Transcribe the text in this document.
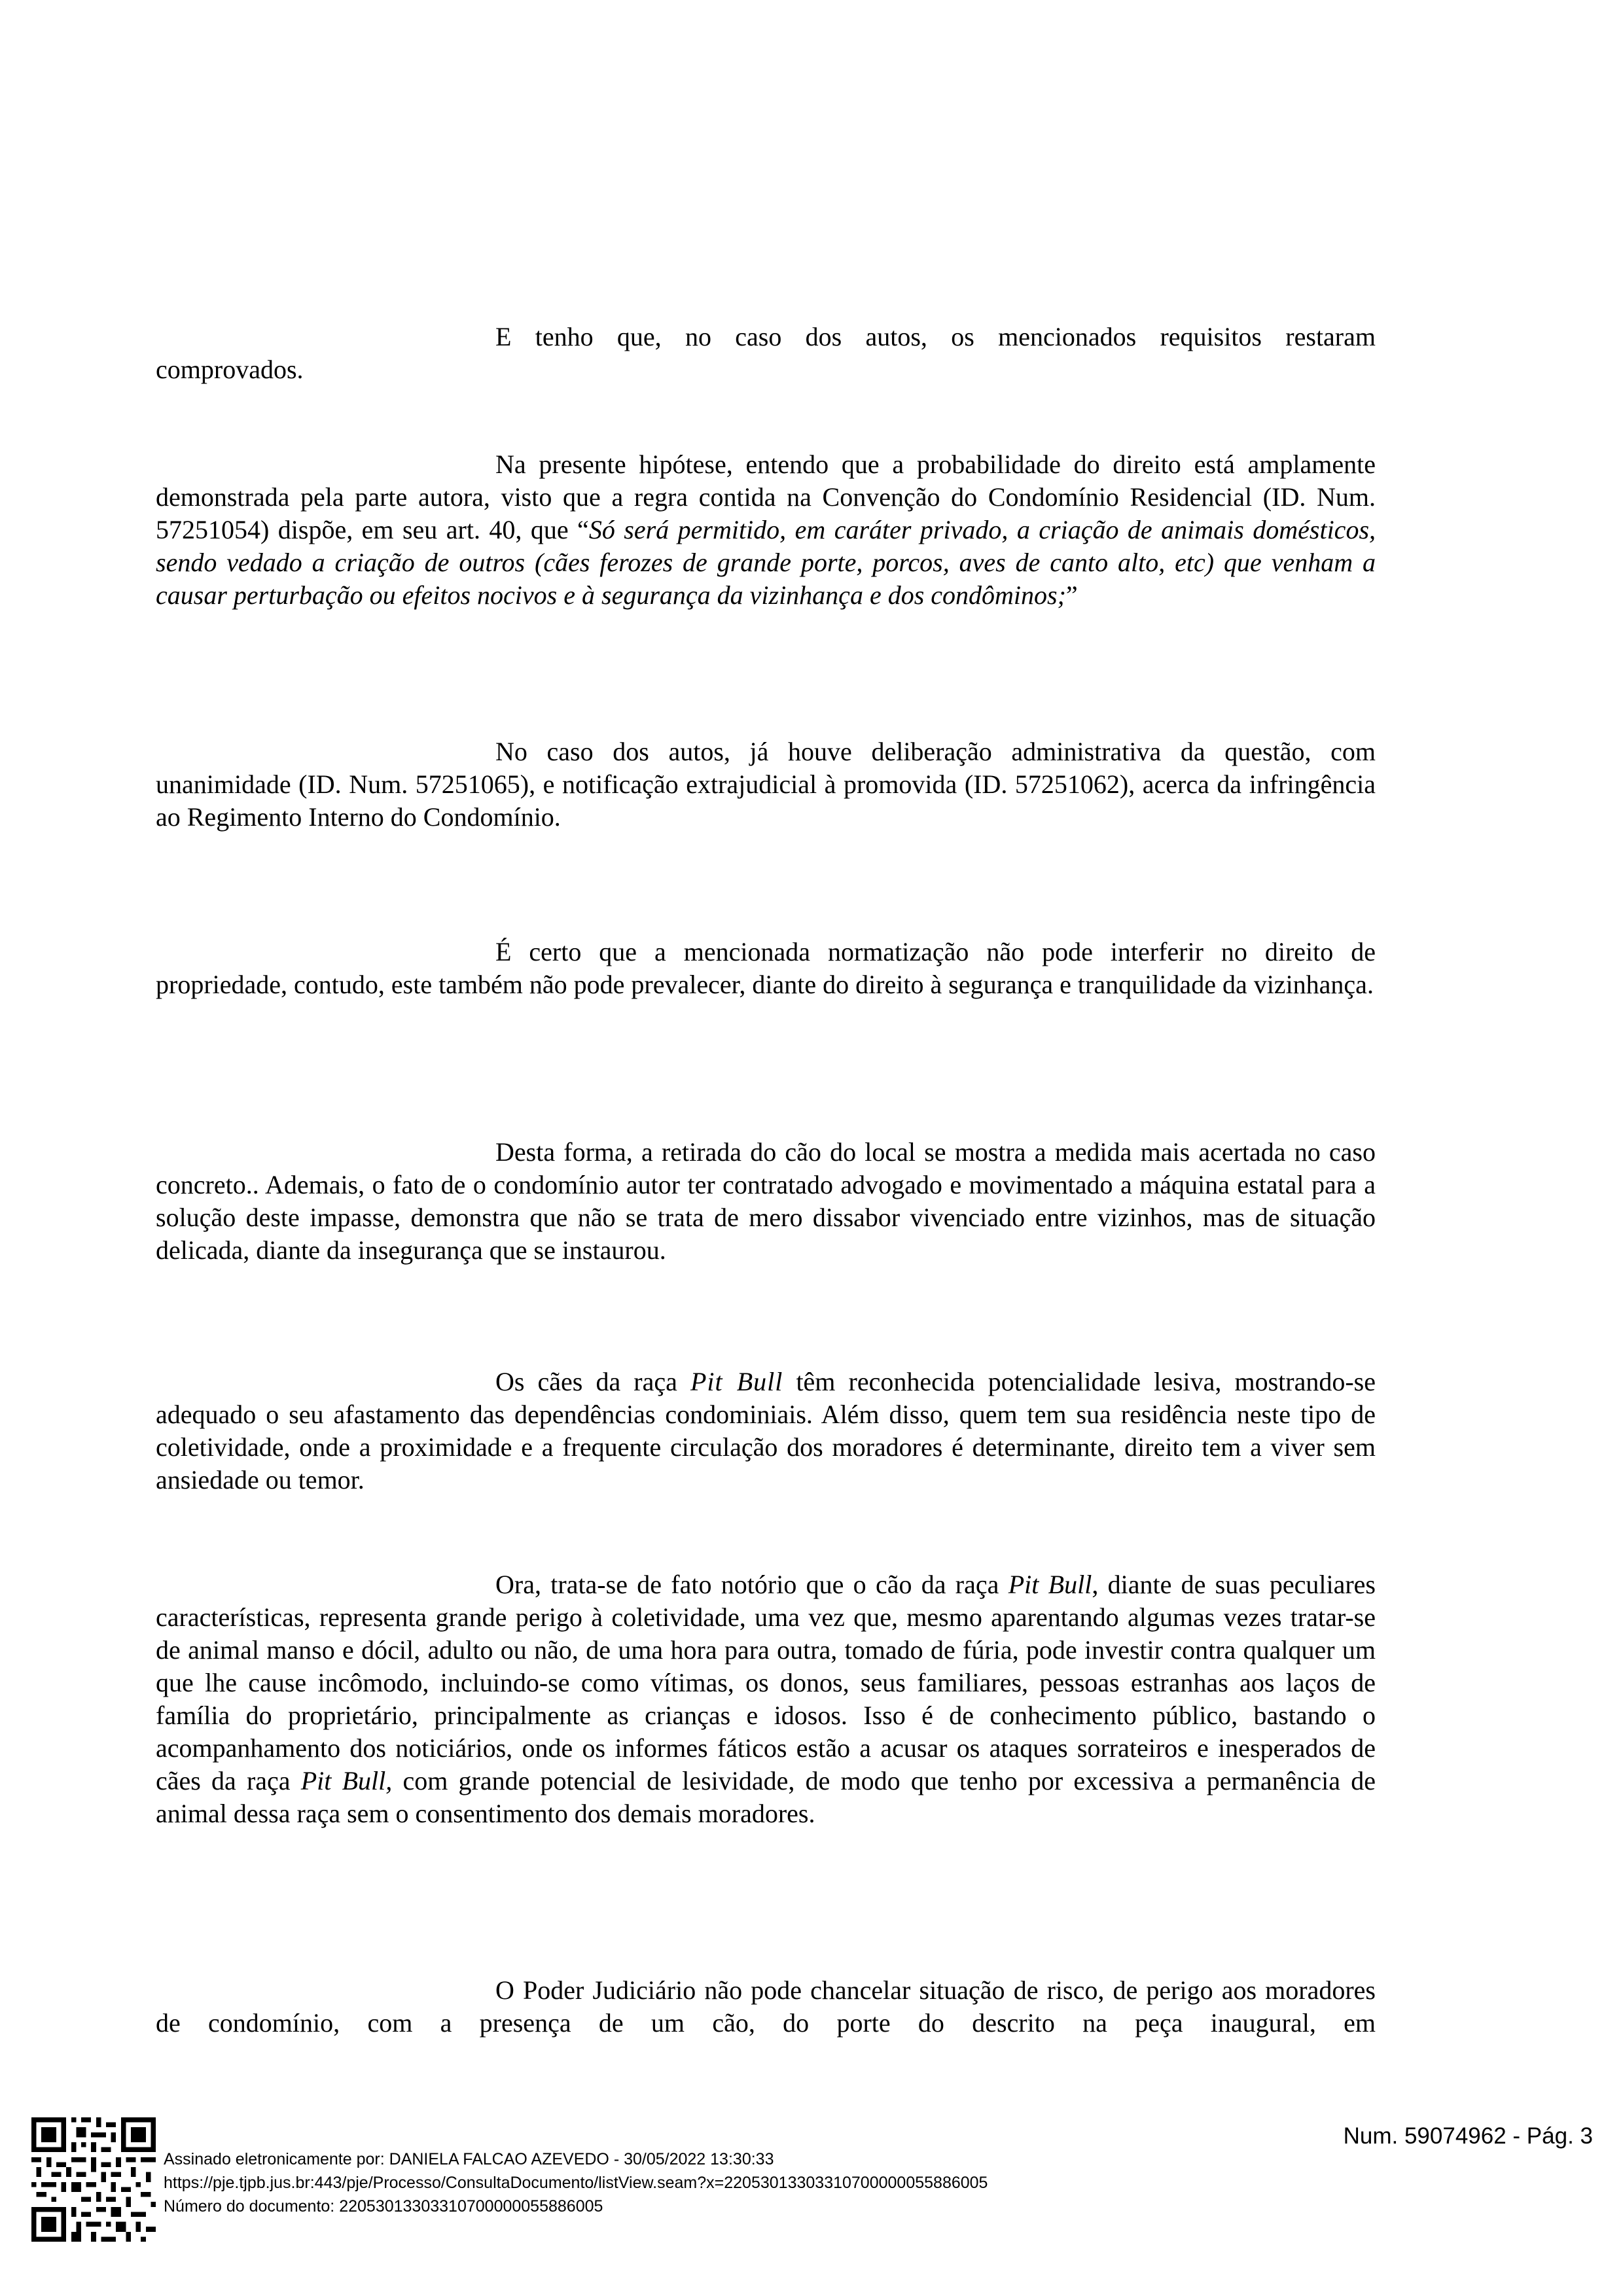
E tenho que, no caso dos autos, os mencionados requisitos restaram

comprovados.

Na presente hipótese, entendo que a probabilidade do direito está amplamente demonstrada pela parte autora, visto que a regra contida na Convenção do Condomínio Residencial (ID. Num. 57251054) dispõe, em seu art. 40, que “Só será permitido, em caráter privado, a criação de animais domésticos, sendo vedado a criação de outros (cães ferozes de grande porte, porcos, aves de canto alto, etc) que venham a causar perturbação ou efeitos nocivos e à segurança da vizinhança e dos condôminos;”

No caso dos autos, já houve deliberação administrativa da questão, com unanimidade (ID. Num. 57251065), e notificação extrajudicial à promovida (ID. 57251062), acerca da infringência ao Regimento Interno do Condomínio.

É certo que a mencionada normatização não pode interferir no direito de propriedade, contudo, este também não pode prevalecer, diante do direito à segurança e tranquilidade da vizinhança.

Desta forma, a retirada do cão do local se mostra a medida mais acertada no caso concreto.. Ademais, o fato de o condomínio autor ter contratado advogado e movimentado a máquina estatal para a solução deste impasse, demonstra que não se trata de mero dissabor vivenciado entre vizinhos, mas de situação delicada, diante da insegurança que se instaurou.

Os cães da raça Pit Bull têm reconhecida potencialidade lesiva, mostrando-se adequado o seu afastamento das dependências condominiais. Além disso, quem tem sua residência neste tipo de coletividade, onde a proximidade e a frequente circulação dos moradores é determinante, direito tem a viver sem ansiedade ou temor.

Ora, trata-se de fato notório que o cão da raça Pit Bull, diante de suas peculiares características, representa grande perigo à coletividade, uma vez que, mesmo aparentando algumas vezes tratar-se de animal manso e dócil, adulto ou não, de uma hora para outra, tomado de fúria, pode investir contra qualquer um que lhe cause incômodo, incluindo-se como vítimas, os donos, seus familiares, pessoas estranhas aos laços de família do proprietário, principalmente as crianças e idosos. Isso é de conhecimento público, bastando o acompanhamento dos noticiários, onde os informes fáticos estão a acusar os ataques sorrateiros e inesperados de cães da raça Pit Bull, com grande potencial de lesividade, de modo que tenho por excessiva a permanência de animal dessa raça sem o consentimento dos demais moradores.

O Poder Judiciário não pode chancelar situação de risco, de perigo aos moradores de condomínio, com a presença de um cão, do porte do descrito na peça inaugural, em

Assinado eletronicamente por: DANIELA FALCAO AZEVEDO - 30/05/2022 13:30:33
https://pje.tjpb.jus.br:443/pje/Processo/ConsultaDocumento/listView.seam?x=22053013303310700000055886005
Número do documento: 22053013303310700000055886005
Num. 59074962 - Pág. 3
